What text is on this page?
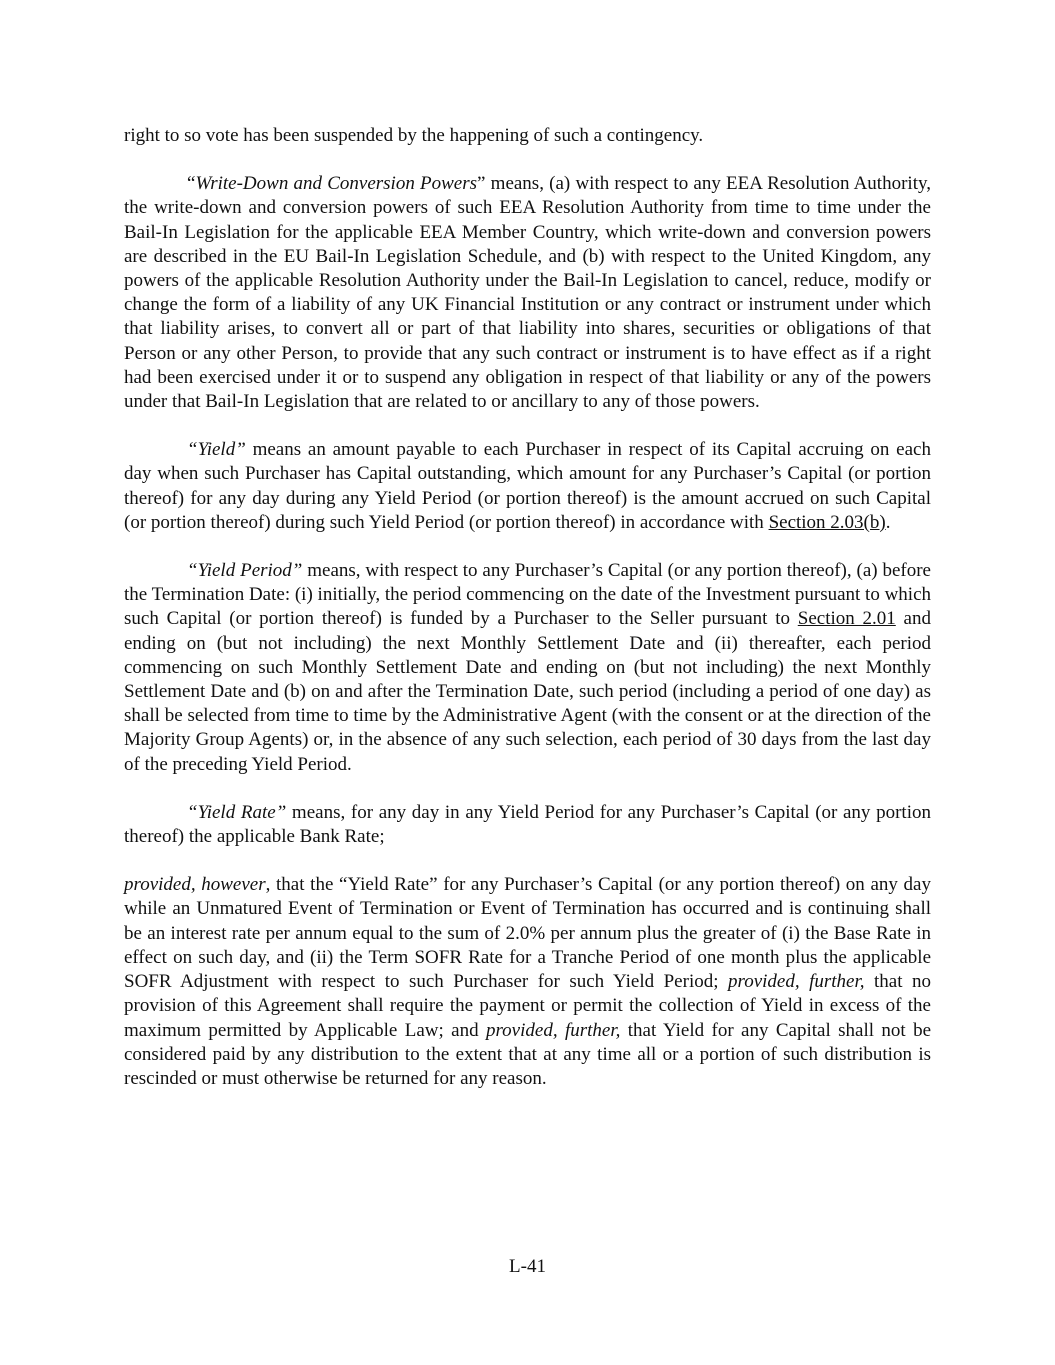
right to so vote has been suspended by the happening of such a contingency.

“Write-Down and Conversion Powers” means, (a) with respect to any EEA Resolution Authority, the write-down and conversion powers of such EEA Resolution Authority from time to time under the Bail-In Legislation for the applicable EEA Member Country, which write-down and conversion powers are described in the EU Bail-In Legislation Schedule, and (b) with respect to the United Kingdom, any powers of the applicable Resolution Authority under the Bail-In Legislation to cancel, reduce, modify or change the form of a liability of any UK Financial Institution or any contract or instrument under which that liability arises, to convert all or part of that liability into shares, securities or obligations of that Person or any other Person, to provide that any such contract or instrument is to have effect as if a right had been exercised under it or to suspend any obligation in respect of that liability or any of the powers under that Bail-In Legislation that are related to or ancillary to any of those powers.

“Yield” means an amount payable to each Purchaser in respect of its Capital accruing on each day when such Purchaser has Capital outstanding, which amount for any Purchaser’s Capital (or portion thereof) for any day during any Yield Period (or portion thereof) is the amount accrued on such Capital (or portion thereof) during such Yield Period (or portion thereof) in accordance with Section 2.03(b).

“Yield Period” means, with respect to any Purchaser’s Capital (or any portion thereof), (a) before the Termination Date: (i) initially, the period commencing on the date of the Investment pursuant to which such Capital (or portion thereof) is funded by a Purchaser to the Seller pursuant to Section 2.01 and ending on (but not including) the next Monthly Settlement Date and (ii) thereafter, each period commencing on such Monthly Settlement Date and ending on (but not including) the next Monthly Settlement Date and (b) on and after the Termination Date, such period (including a period of one day) as shall be selected from time to time by the Administrative Agent (with the consent or at the direction of the Majority Group Agents) or, in the absence of any such selection, each period of 30 days from the last day of the preceding Yield Period.

“Yield Rate” means, for any day in any Yield Period for any Purchaser’s Capital (or any portion thereof) the applicable Bank Rate;

provided, however, that the “Yield Rate” for any Purchaser’s Capital (or any portion thereof) on any day while an Unmatured Event of Termination or Event of Termination has occurred and is continuing shall be an interest rate per annum equal to the sum of 2.0% per annum plus the greater of (i) the Base Rate in effect on such day, and (ii) the Term SOFR Rate for a Tranche Period of one month plus the applicable SOFR Adjustment with respect to such Purchaser for such Yield Period; provided, further, that no provision of this Agreement shall require the payment or permit the collection of Yield in excess of the maximum permitted by Applicable Law; and provided, further, that Yield for any Capital shall not be considered paid by any distribution to the extent that at any time all or a portion of such distribution is rescinded or must otherwise be returned for any reason.

L-41
